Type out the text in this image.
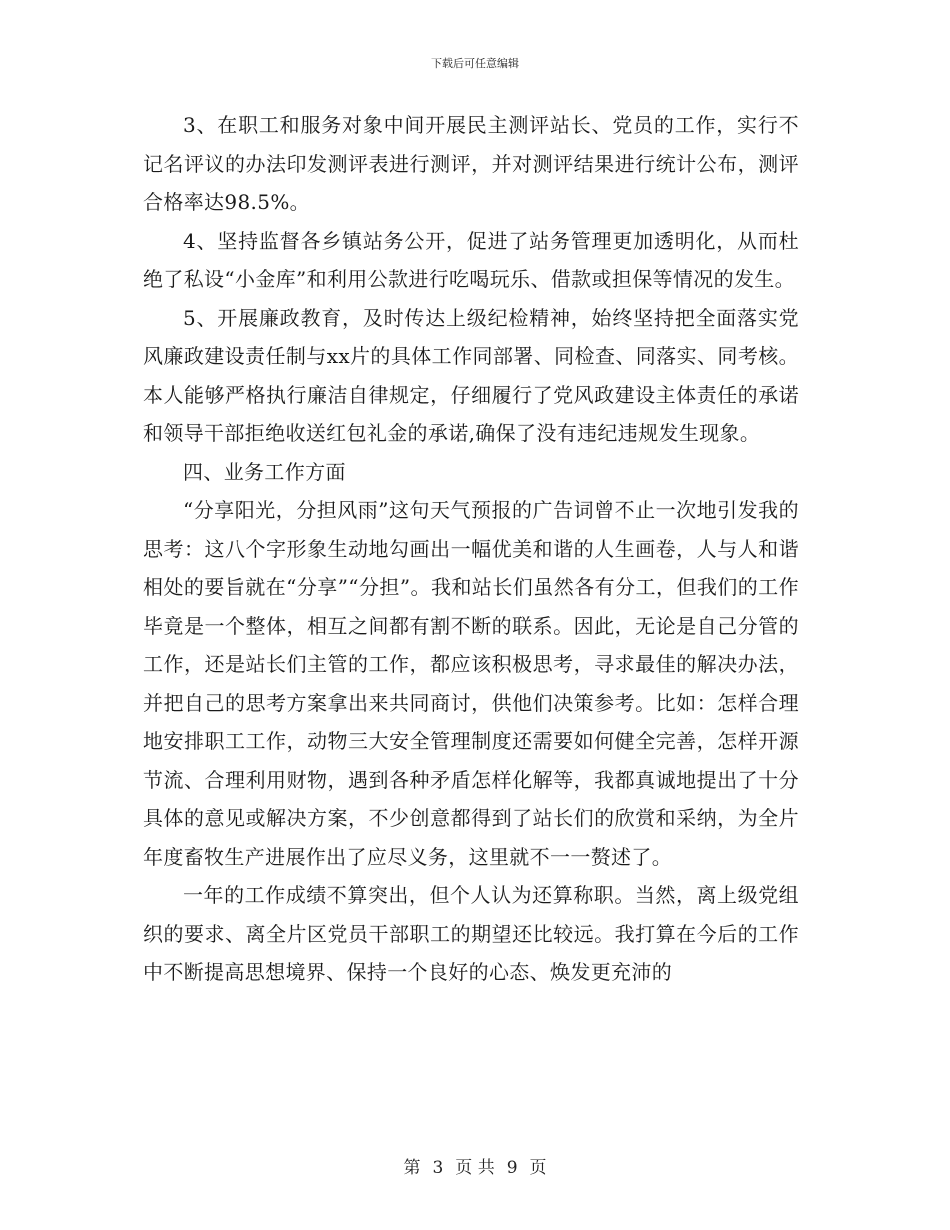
下载后可任意编辑

3、在职工和服务对象中间开展民主测评站长、党员的工作，实行不记名评议的办法印发测评表进行测评，并对测评结果进行统计公布，测评合格率达98.5%。

4、坚持监督各乡镇站务公开，促进了站务管理更加透明化，从而杜绝了私设“小金库”和利用公款进行吃喝玩乐、借款或担保等情况的发生。

5、开展廉政教育，及时传达上级纪检精神，始终坚持把全面落实党风廉政建设责任制与xx片的具体工作同部署、同检查、同落实、同考核。本人能够严格执行廉洁自律规定，仔细履行了党风政建设主体责任的承诺和领导干部拒绝收送红包礼金的承诺,确保了没有违纪违规发生现象。

四、业务工作方面

“分享阳光，分担风雨”这句天气预报的广告词曾不止一次地引发我的思考：这八个字形象生动地勾画出一幅优美和谐的人生画卷，人与人和谐相处的要旨就在“分享”“分担”。我和站长们虽然各有分工，但我们的工作毕竟是一个整体，相互之间都有割不断的联系。因此，无论是自己分管的工作，还是站长们主管的工作，都应该积极思考，寻求最佳的解决办法，并把自己的思考方案拿出来共同商讨，供他们决策参考。比如：怎样合理地安排职工工作，动物三大安全管理制度还需要如何健全完善，怎样开源节流、合理利用财物，遇到各种矛盾怎样化解等，我都真诚地提出了十分具体的意见或解决方案，不少创意都得到了站长们的欣赏和采纳，为全片年度畜牧生产进展作出了应尽义务，这里就不一一赘述了。

一年的工作成绩不算突出，但个人认为还算称职。当然，离上级党组织的要求、离全片区党员干部职工的期望还比较远。我打算在今后的工作中不断提高思想境界、保持一个良好的心态、焕发更充沛的

第 3 页 共 9 页
